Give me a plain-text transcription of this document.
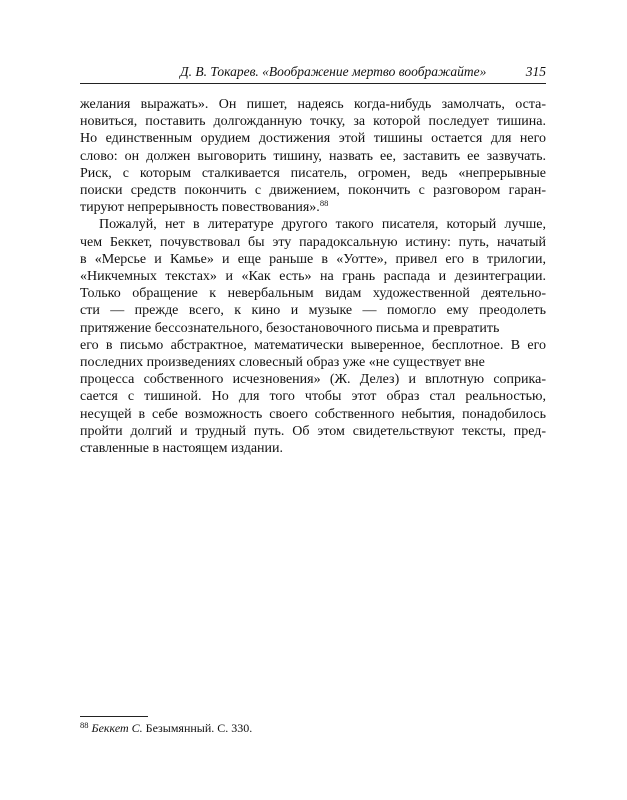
Д. В. Токарев. «Воображение мертво воображайте»	315

желания выражать». Он пишет, надеясь когда-нибудь замолчать, оста-
новиться, поставить долгожданную точку, за которой последует тишина.
Но единственным орудием достижения этой тишины остается для него
слово: он должен выговорить тишину, назвать ее, заставить ее зазвучать.
Риск, с которым сталкивается писатель, огромен, ведь «непрерывные
поиски средств покончить с движением, покончить с разговором гаран-
тируют непрерывность повествования».$^{88}$

Пожалуй, нет в литературе другого такого писателя, который лучше,
чем Беккет, почувствовал бы эту парадоксальную истину: путь, начатый
в «Мерсье и Камье» и еще раньше в «Уотте», привел его в трилогии,
«Никчемных текстах» и «Как есть» на грань распада и дезинтеграции.
Только обращение к невербальным видам художественной деятельно-
сти — прежде всего, к кино и музыке — помогло ему преодолеть
притяжение бессознательного, безостановочного письма и превратить
его в письмо абстрактное, математически выверенное, бесплотное. В его
последних произведениях словесный образ уже «не существует вне
процесса собственного исчезновения» (Ж. Делез) и вплотную соприка-
сается с тишиной. Но для того чтобы этот образ стал реальностью,
несущей в себе возможность своего собственного небытия, понадобилось
пройти долгий и трудный путь. Об этом свидетельствуют тексты, пред-
ставленные в настоящем издании.

$^{88}$ Беккет С. Безымянный. С. 330.
